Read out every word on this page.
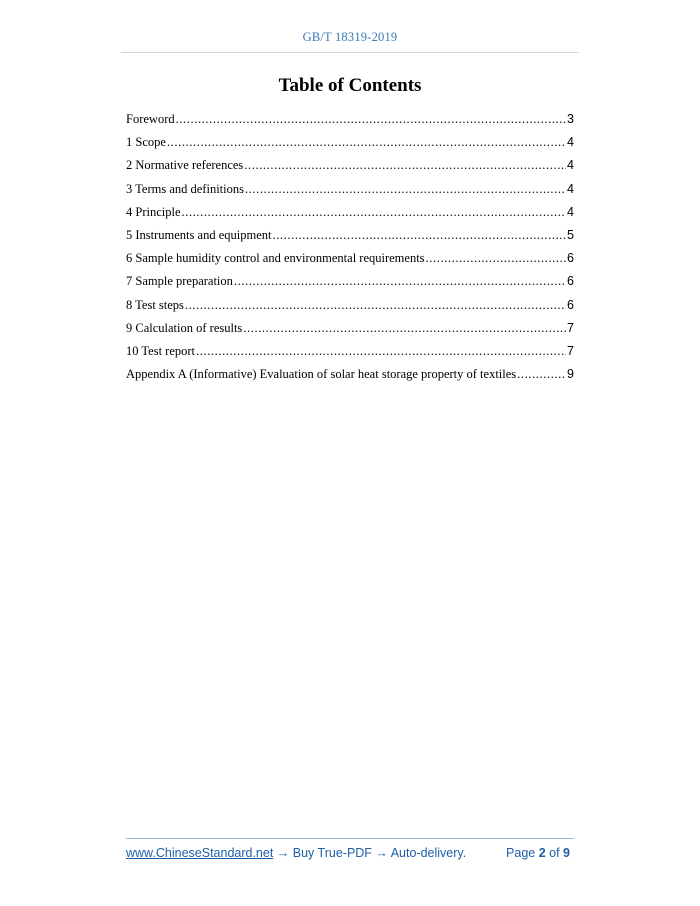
GB/T 18319-2019
Table of Contents
Foreword .....	3
1 Scope .....	4
2 Normative references .....	4
3 Terms and definitions .....	4
4 Principle .....	4
5 Instruments and equipment .....	5
6 Sample humidity control and environmental requirements .....	6
7 Sample preparation .....	6
8 Test steps .....	6
9 Calculation of results .....	7
10 Test report .....	7
Appendix A (Informative) Evaluation of solar heat storage property of textiles .....	9
www.ChineseStandard.net → Buy True-PDF → Auto-delivery.	Page 2 of 9
